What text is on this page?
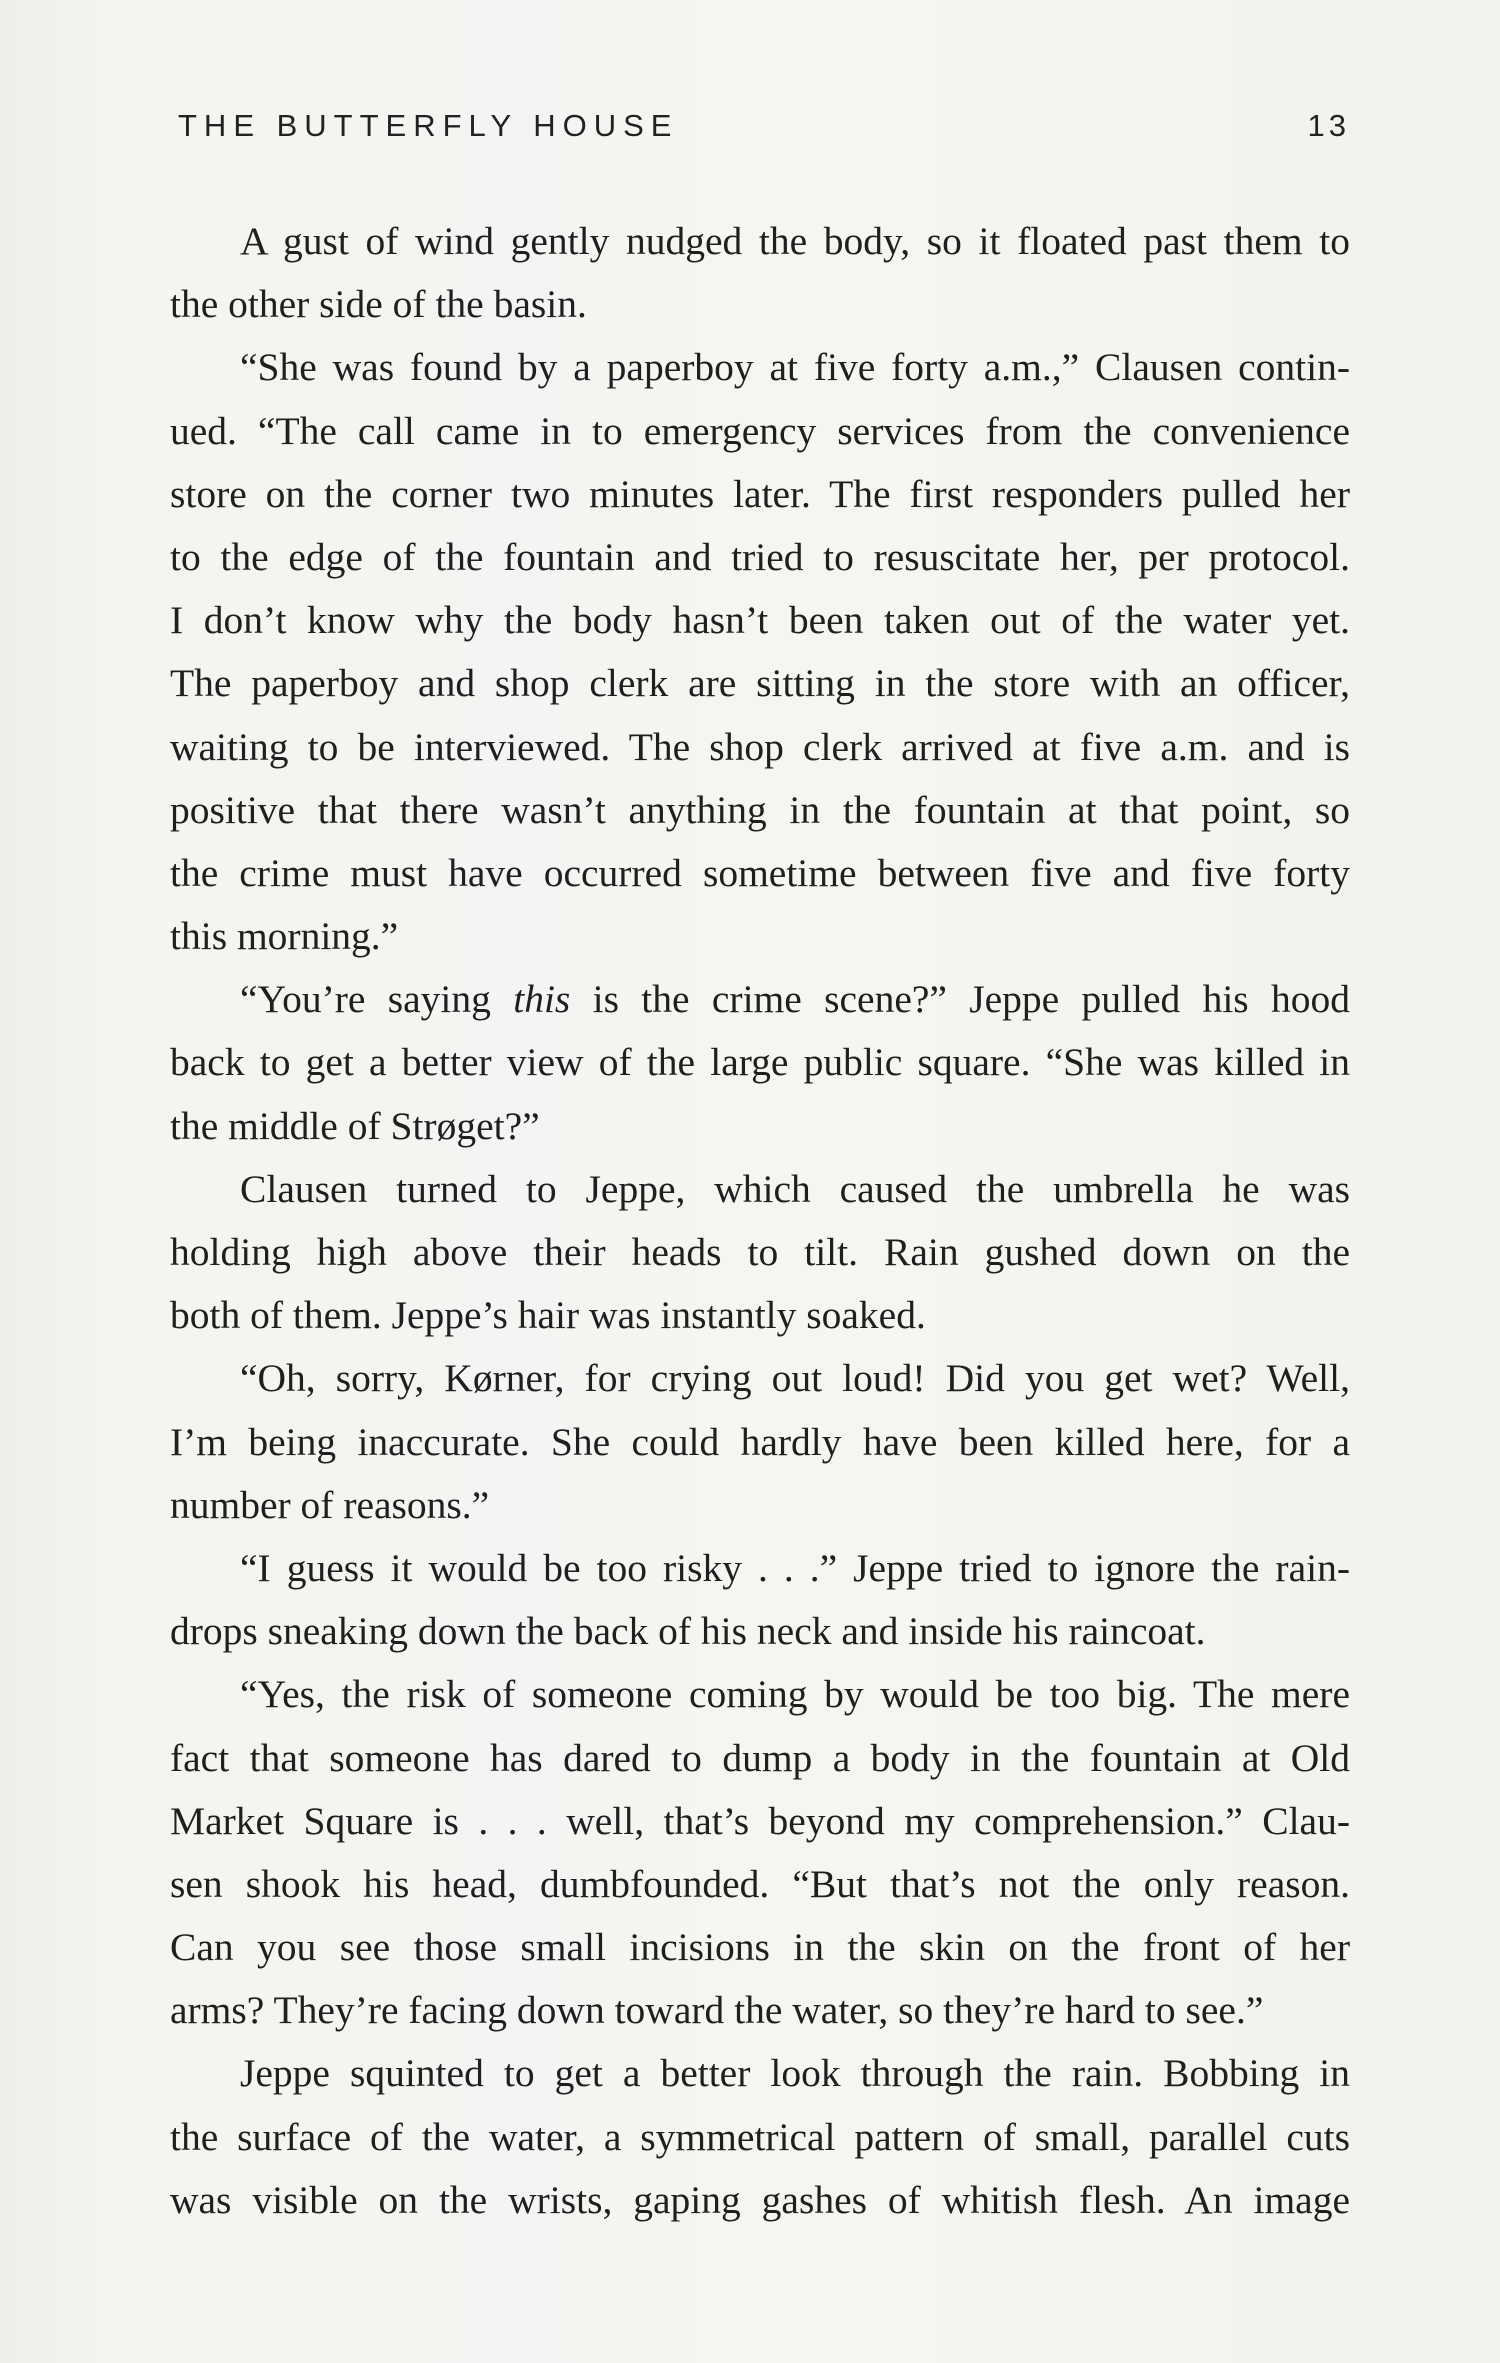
THE BUTTERFLY HOUSE	13
A gust of wind gently nudged the body, so it floated past them to
the other side of the basin.
“She was found by a paperboy at five forty a.m.,” Clausen contin-
ued. “The call came in to emergency services from the convenience
store on the corner two minutes later. The first responders pulled her
to the edge of the fountain and tried to resuscitate her, per protocol.
I don’t know why the body hasn’t been taken out of the water yet.
The paperboy and shop clerk are sitting in the store with an officer,
waiting to be interviewed. The shop clerk arrived at five a.m. and is
positive that there wasn’t anything in the fountain at that point, so
the crime must have occurred sometime between five and five forty
this morning.”
“You’re saying this is the crime scene?” Jeppe pulled his hood
back to get a better view of the large public square. “She was killed in
the middle of Strøget?”
Clausen turned to Jeppe, which caused the umbrella he was
holding high above their heads to tilt. Rain gushed down on the
both of them. Jeppe’s hair was instantly soaked.
“Oh, sorry, Kørner, for crying out loud! Did you get wet? Well,
I’m being inaccurate. She could hardly have been killed here, for a
number of reasons.”
“I guess it would be too risky . . .” Jeppe tried to ignore the rain-
drops sneaking down the back of his neck and inside his raincoat.
“Yes, the risk of someone coming by would be too big. The mere
fact that someone has dared to dump a body in the fountain at Old
Market Square is . . . well, that’s beyond my comprehension.” Clau-
sen shook his head, dumbfounded. “But that’s not the only reason.
Can you see those small incisions in the skin on the front of her
arms? They’re facing down toward the water, so they’re hard to see.”
Jeppe squinted to get a better look through the rain. Bobbing in
the surface of the water, a symmetrical pattern of small, parallel cuts
was visible on the wrists, gaping gashes of whitish flesh. An image
